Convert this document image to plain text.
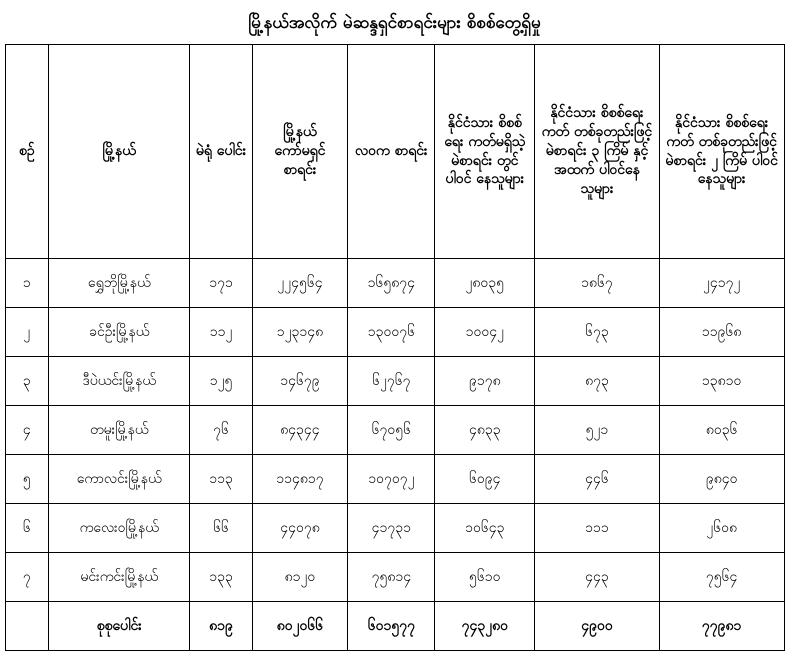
မြို့နယ်အလိုက် မဲဆန္ဒရှင်စာရင်းများ စိစစ်တွေ့ရှိမှု
စဉ်	မြို့နယ်	မဲရုံ ပေါင်း	မြို့နယ် ကော်မရှင် စာရင်း	လဝက စာရင်း	နိုင်ငံသား စိစစ်ရေး ကတ်မရှိသဲ့ မဲစာရင်း တွင် ပါဝင် နေသူများ	နိုင်ငံသား စိစစ်ရေးကတ် တစ်ခုတည်းဖြင့် မဲစာရင်း ၃ ကြိမ် နှင့်အထက် ပါဝင်နေသူများ	နိုင်ငံသား စိစစ်ရေးကတ် တစ်ခုတည်းဖြင့် မဲစာရင်း ၂ ကြိမ် ပါဝင်နေသူများ
၁	ရွှေဘိုမြို့နယ်	၁၇၁	၂၂၄၅၆၄	၁၆၅၈၇၄	၂၈၀၃၅	၁၈၆၇	၂၄၁၇၂
၂	ခင်ဦးမြို့နယ်	၁၁၂	၁၂၃၁၄၈	၁၃၀၀၇၆	၁၀၀၄၂	၆၇၃	၁၁၉၆၈
၃	ဒီပဲယင်းမြို့နယ်	၁၂၅	၁၄၆၇၉	၆၂၇၆၇	၉၁၇၈	၈၇၃	၁၃၈၁၀
၄	တမူးမြို့နယ်	၇၆	၈၄၃၄၄	၆၇၀၅၆	၄၈၃၃	၅၂၁	၈၀၃၆
၅	ကောလင်းမြို့နယ်	၁၁၃	၁၁၄၈၁၇	၁၀၇၀၇၂	၆၀၉၄	၄၄၆	၉၈၄၀
၆	ကလေးဝမြို့နယ်	၆၆	၄၄၀၇၈	၄၁၇၃၁	၁၀၆၄၃	၁၁၁	၂၆၀၈
၇	မင်းကင်းမြို့နယ်	၁၃၃	၈၁၂၀	၇၅၈၁၄	၅၆၁၀	၄၄၃	၇၅၆၄
	စုစုပေါင်း	၈၁၉	၈၀၂၀၆၆	၆၀၁၅၇၇	၇၄၃၂၈၀	၄၉၀၀	၇၇၉၈၁
